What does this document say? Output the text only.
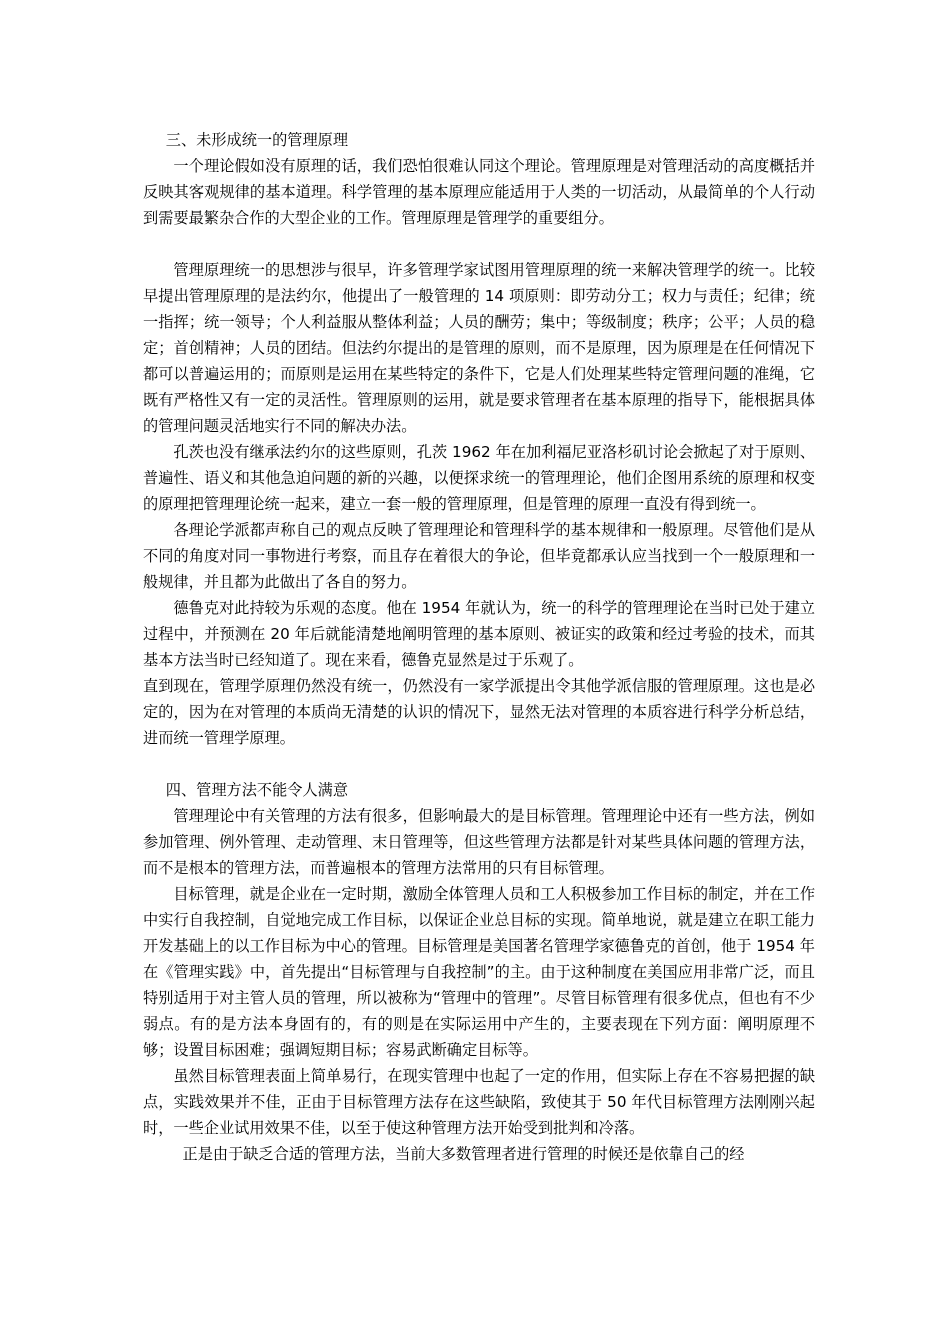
三、未形成统一的管理原理

一个理论假如没有原理的话，我们恐怕很难认同这个理论。管理原理是对管理活动的高度概括并反映其客观规律的基本道理。科学管理的基本原理应能适用于人类的一切活动，从最简单的个人行动到需要最繁杂合作的大型企业的工作。管理原理是管理学的重要组分。

管理原理统一的思想涉与很早，许多管理学家试图用管理原理的统一来解决管理学的统一。比较早提出管理原理的是法约尔，他提出了一般管理的 14 项原则：即劳动分工；权力与责任；纪律；统一指挥；统一领导；个人利益服从整体利益；人员的酬劳；集中；等级制度；秩序；公平；人员的稳定；首创精神；人员的团结。但法约尔提出的是管理的原则，而不是原理，因为原理是在任何情况下都可以普遍运用的；而原则是运用在某些特定的条件下，它是人们处理某些特定管理问题的准绳，它既有严格性又有一定的灵活性。管理原则的运用，就是要求管理者在基本原理的指导下，能根据具体的管理问题灵活地实行不同的解决办法。

孔茨也没有继承法约尔的这些原则，孔茨 1962 年在加利福尼亚洛杉矶讨论会掀起了对于原则、普遍性、语义和其他急迫问题的新的兴趣，以便探求统一的管理理论，他们企图用系统的原理和权变的原理把管理理论统一起来，建立一套一般的管理原理，但是管理的原理一直没有得到统一。

各理论学派都声称自己的观点反映了管理理论和管理科学的基本规律和一般原理。尽管他们是从不同的角度对同一事物进行考察，而且存在着很大的争论，但毕竟都承认应当找到一个一般原理和一般规律，并且都为此做出了各自的努力。

德鲁克对此持较为乐观的态度。他在 1954 年就认为，统一的科学的管理理论在当时已处于建立过程中，并预测在 20 年后就能清楚地阐明管理的基本原则、被证实的政策和经过考验的技术，而其基本方法当时已经知道了。现在来看，德鲁克显然是过于乐观了。

直到现在，管理学原理仍然没有统一，仍然没有一家学派提出令其他学派信服的管理原理。这也是必定的，因为在对管理的本质尚无清楚的认识的情况下，显然无法对管理的本质容进行科学分析总结，进而统一管理学原理。

四、管理方法不能令人满意

管理理论中有关管理的方法有很多，但影响最大的是目标管理。管理理论中还有一些方法，例如参加管理、例外管理、走动管理、末日管理等，但这些管理方法都是针对某些具体问题的管理方法，而不是根本的管理方法，而普遍根本的管理方法常用的只有目标管理。

目标管理，就是企业在一定时期，激励全体管理人员和工人积极参加工作目标的制定，并在工作中实行自我控制，自觉地完成工作目标，以保证企业总目标的实现。简单地说，就是建立在职工能力开发基础上的以工作目标为中心的管理。目标管理是美国著名管理学家德鲁克的首创，他于 1954 年在《管理实践》中，首先提出“目标管理与自我控制”的主。由于这种制度在美国应用非常广泛，而且特别适用于对主管人员的管理，所以被称为“管理中的管理”。尽管目标管理有很多优点，但也有不少弱点。有的是方法本身固有的，有的则是在实际运用中产生的，主要表现在下列方面：阐明原理不够；设置目标困难；强调短期目标；容易武断确定目标等。

虽然目标管理表面上简单易行，在现实管理中也起了一定的作用，但实际上存在不容易把握的缺点，实践效果并不佳，正由于目标管理方法存在这些缺陷，致使其于 50 年代目标管理方法刚刚兴起时，一些企业试用效果不佳，以至于使这种管理方法开始受到批判和冷落。

正是由于缺乏合适的管理方法，当前大多数管理者进行管理的时候还是依靠自己的经
